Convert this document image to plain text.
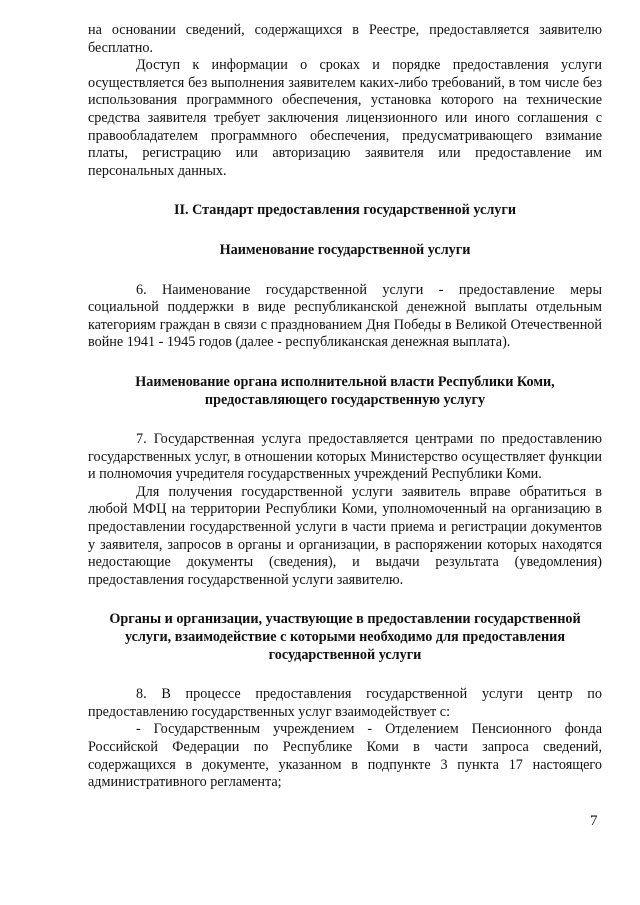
на основании сведений, содержащихся в Реестре, предоставляется заявителю бесплатно.

Доступ к информации о сроках и порядке предоставления услуги осуществляется без выполнения заявителем каких-либо требований, в том числе без использования программного обеспечения, установка которого на технические средства заявителя требует заключения лицензионного или иного соглашения с правообладателем программного обеспечения, предусматривающего взимание платы, регистрацию или авторизацию заявителя или предоставление им персональных данных.

II. Стандарт предоставления государственной услуги

Наименование государственной услуги

6. Наименование государственной услуги - предоставление меры социальной поддержки в виде республиканской денежной выплаты отдельным категориям граждан в связи с празднованием Дня Победы в Великой Отечественной войне 1941 - 1945 годов (далее - республиканская денежная выплата).

Наименование органа исполнительной власти Республики Коми,

предоставляющего государственную услугу

7. Государственная услуга предоставляется центрами по предоставлению государственных услуг, в отношении которых Министерство осуществляет функции и полномочия учредителя государственных учреждений Республики Коми.

Для получения государственной услуги заявитель вправе обратиться в любой МФЦ на территории Республики Коми, уполномоченный на организацию в предоставлении государственной услуги в части приема и регистрации документов у заявителя, запросов в органы и организации, в распоряжении которых находятся недостающие документы (сведения), и выдачи результата (уведомления) предоставления государственной услуги заявителю.

Органы и организации, участвующие в предоставлении государственной

услуги, взаимодействие с которыми необходимо для предоставления

государственной услуги

8. В процессе предоставления государственной услуги центр по предоставлению государственных услуг взаимодействует с:

- Государственным учреждением - Отделением Пенсионного фонда Российской Федерации по Республике Коми в части запроса сведений, содержащихся в документе, указанном в подпункте 3 пункта 17 настоящего административного регламента;

7
